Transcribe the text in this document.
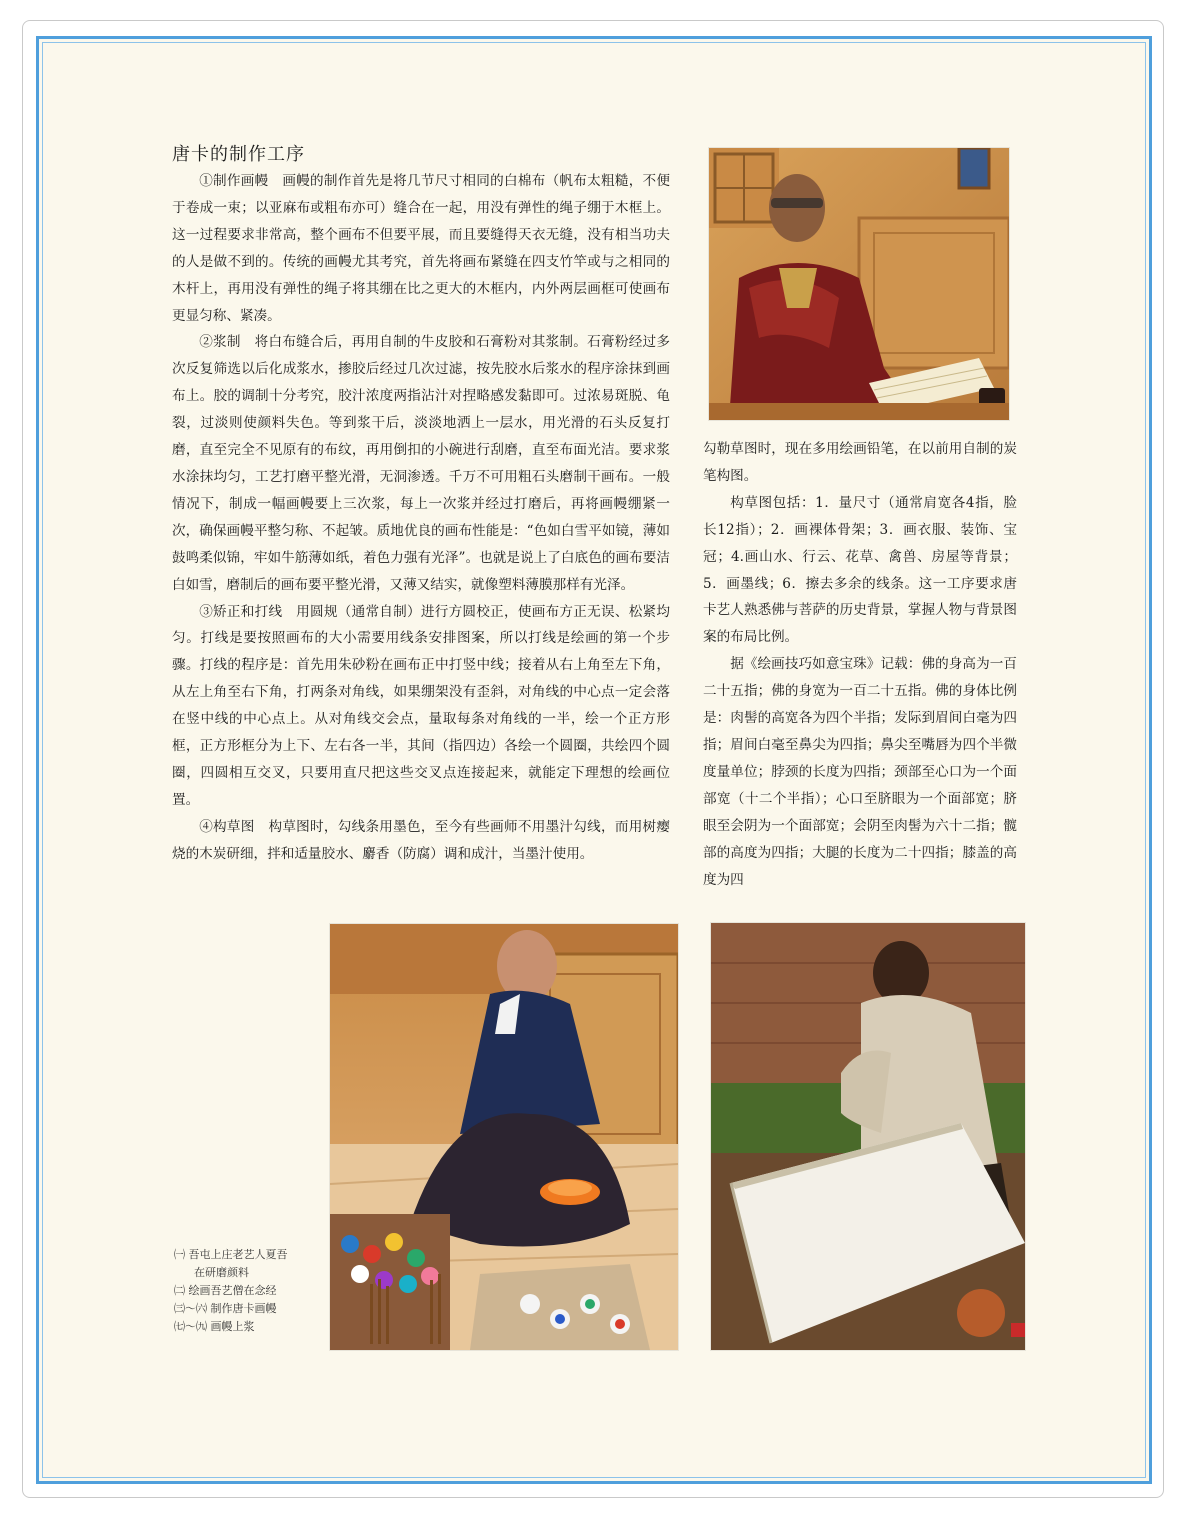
唐卡的制作工序

①制作画幔　画幔的制作首先是将几节尺寸相同的白棉布（帆布太粗糙，不便于卷成一束；以亚麻布或粗布亦可）缝合在一起，用没有弹性的绳子绷于木框上。这一过程要求非常高，整个画布不但要平展，而且要缝得天衣无缝，没有相当功夫的人是做不到的。传统的画幔尤其考究，首先将画布紧缝在四支竹竿或与之相同的木杆上，再用没有弹性的绳子将其绷在比之更大的木框内，内外两层画框可使画布更显匀称、紧凑。

②浆制　将白布缝合后，再用自制的牛皮胶和石膏粉对其浆制。石膏粉经过多次反复筛选以后化成浆水，掺胶后经过几次过滤，按先胶水后浆水的程序涂抹到画布上。胶的调制十分考究，胶汁浓度两指沾汁对捏略感发黏即可。过浓易斑脱、龟裂，过淡则使颜料失色。等到浆干后，淡淡地洒上一层水，用光滑的石头反复打磨，直至完全不见原有的布纹，再用倒扣的小碗进行刮磨，直至布面光洁。要求浆水涂抹均匀，工艺打磨平整光滑，无洞渗透。千万不可用粗石头磨制干画布。一般情况下，制成一幅画幔要上三次浆，每上一次浆并经过打磨后，再将画幔绷紧一次，确保画幔平整匀称、不起皱。质地优良的画布性能是：“色如白雪平如镜，薄如鼓鸣柔似锦，牢如牛筋薄如纸，着色力强有光泽”。也就是说上了白底色的画布要洁白如雪，磨制后的画布要平整光滑，又薄又结实，就像塑料薄膜那样有光泽。

③矫正和打线　用圆规（通常自制）进行方圆校正，使画布方正无误、松紧均匀。打线是要按照画布的大小需要用线条安排图案，所以打线是绘画的第一个步骤。打线的程序是：首先用朱砂粉在画布正中打竖中线；接着从右上角至左下角，从左上角至右下角，打两条对角线，如果绷架没有歪斜，对角线的中心点一定会落在竖中线的中心点上。从对角线交会点，量取每条对角线的一半，绘一个正方形框，正方形框分为上下、左右各一半，其间（指四边）各绘一个圆圈，共绘四个圆圈，四圆相互交叉，只要用直尺把这些交叉点连接起来，就能定下理想的绘画位置。

④构草图　构草图时，勾线条用墨色，至今有些画师不用墨汁勾线，而用树瘿烧的木炭研细，拌和适量胶水、麝香（防腐）调和成汁，当墨汁使用。

勾勒草图时，现在多用绘画铅笔，在以前用自制的炭笔构图。

构草图包括：1．量尺寸（通常肩宽各4指，脸长12指）；2．画裸体骨架；3．画衣服、装饰、宝冠；4.画山水、行云、花草、禽兽、房屋等背景；5．画墨线；6．擦去多余的线条。这一工序要求唐卡艺人熟悉佛与菩萨的历史背景，掌握人物与背景图案的布局比例。

据《绘画技巧如意宝珠》记载：佛的身高为一百二十五指；佛的身宽为一百二十五指。佛的身体比例是：肉髻的高宽各为四个半指；发际到眉间白毫为四指；眉间白毫至鼻尖为四指；鼻尖至嘴唇为四个半微度量单位；脖颈的长度为四指；颈部至心口为一个面部宽（十二个半指）；心口至脐眼为一个面部宽；脐眼至会阴为一个面部宽；会阴至肉髻为六十二指；髋部的高度为四指；大腿的长度为二十四指；膝盖的高度为四

㈠ 吾屯上庄老艺人夏吾
在研磨颜料
㈡ 绘画吾艺僧在念经
㈢～㈥ 制作唐卡画幔
㈦～㈨ 画幔上浆
